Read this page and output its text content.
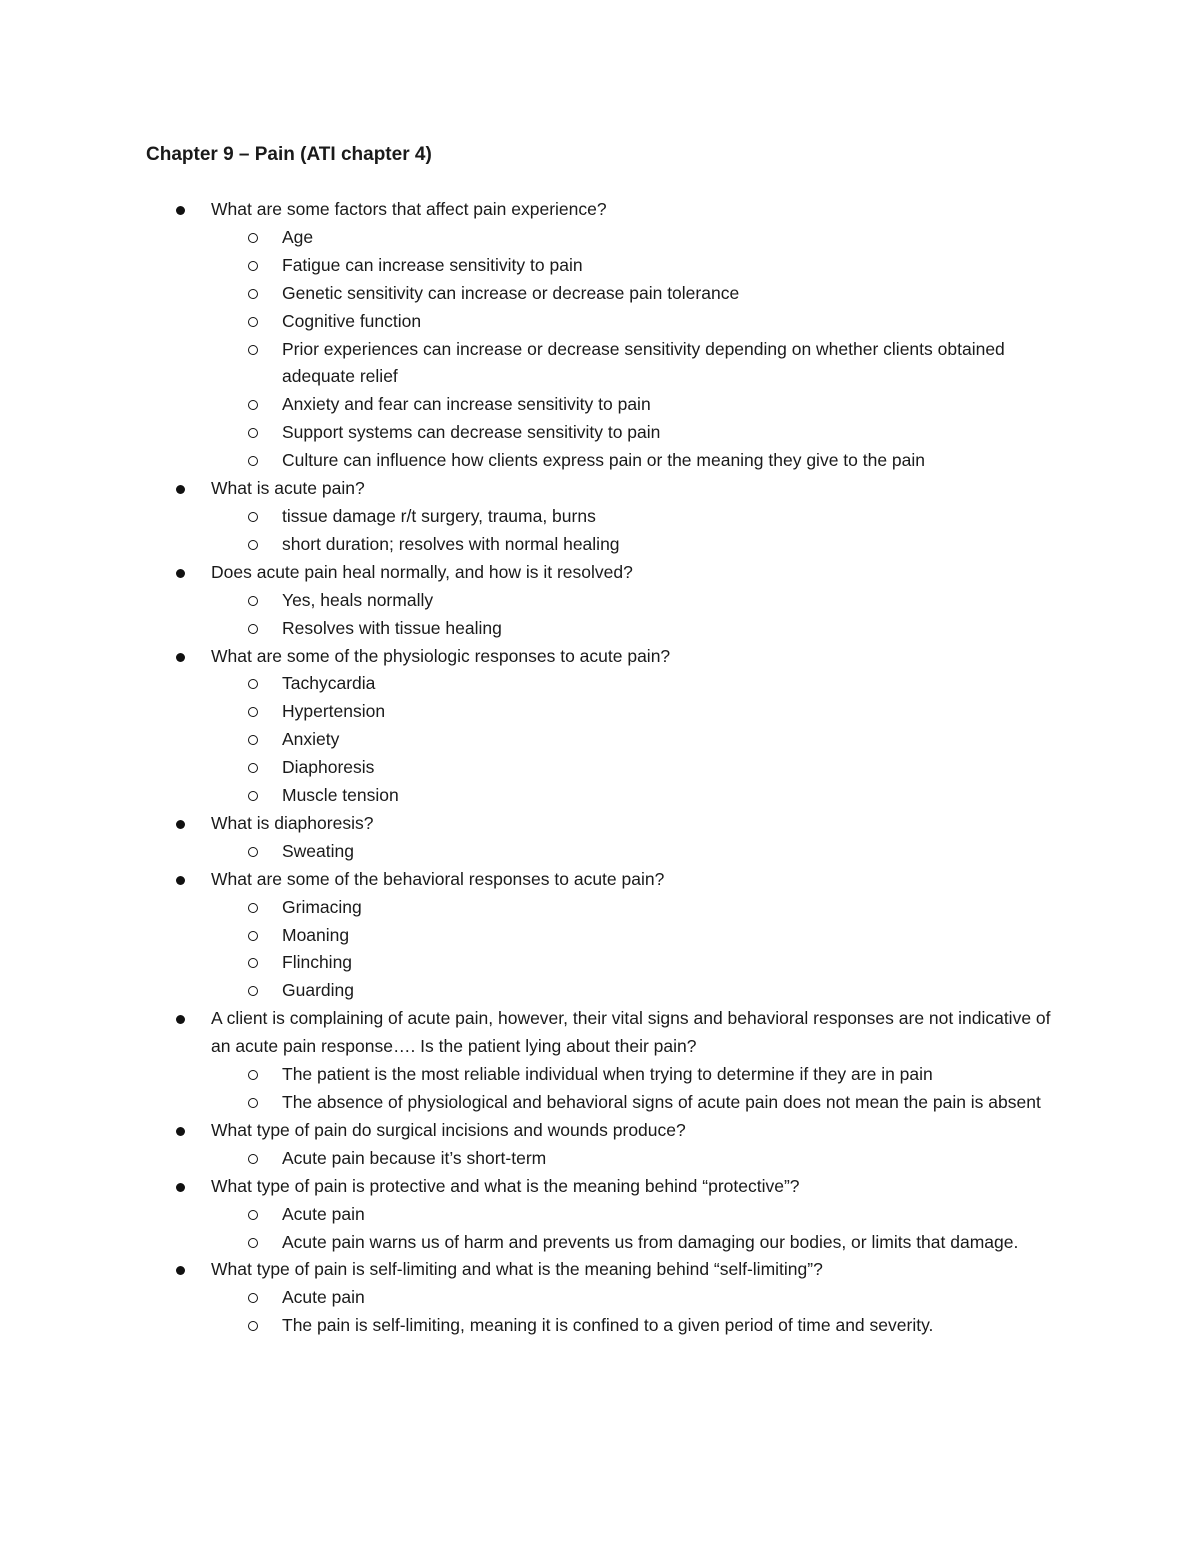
Chapter 9 – Pain (ATI chapter 4)
What are some factors that affect pain experience?
Age
Fatigue can increase sensitivity to pain
Genetic sensitivity can increase or decrease pain tolerance
Cognitive function
Prior experiences can increase or decrease sensitivity depending on whether clients obtained adequate relief
Anxiety and fear can increase sensitivity to pain
Support systems can decrease sensitivity to pain
Culture can influence how clients express pain or the meaning they give to the pain
What is acute pain?
tissue damage r/t surgery, trauma, burns
short duration; resolves with normal healing
Does acute pain heal normally, and how is it resolved?
Yes, heals normally
Resolves with tissue healing
What are some of the physiologic responses to acute pain?
Tachycardia
Hypertension
Anxiety
Diaphoresis
Muscle tension
What is diaphoresis?
Sweating
What are some of the behavioral responses to acute pain?
Grimacing
Moaning
Flinching
Guarding
A client is complaining of acute pain, however, their vital signs and behavioral responses are not indicative of an acute pain response…. Is the patient lying about their pain?
The patient is the most reliable individual when trying to determine if they are in pain
The absence of physiological and behavioral signs of acute pain does not mean the pain is absent
What type of pain do surgical incisions and wounds produce?
Acute pain because it’s short-term
What type of pain is protective and what is the meaning behind “protective”?
Acute pain
Acute pain warns us of harm and prevents us from damaging our bodies, or limits that damage.
What type of pain is self-limiting and what is the meaning behind “self-limiting”?
Acute pain
The pain is self-limiting, meaning it is confined to a given period of time and severity.
